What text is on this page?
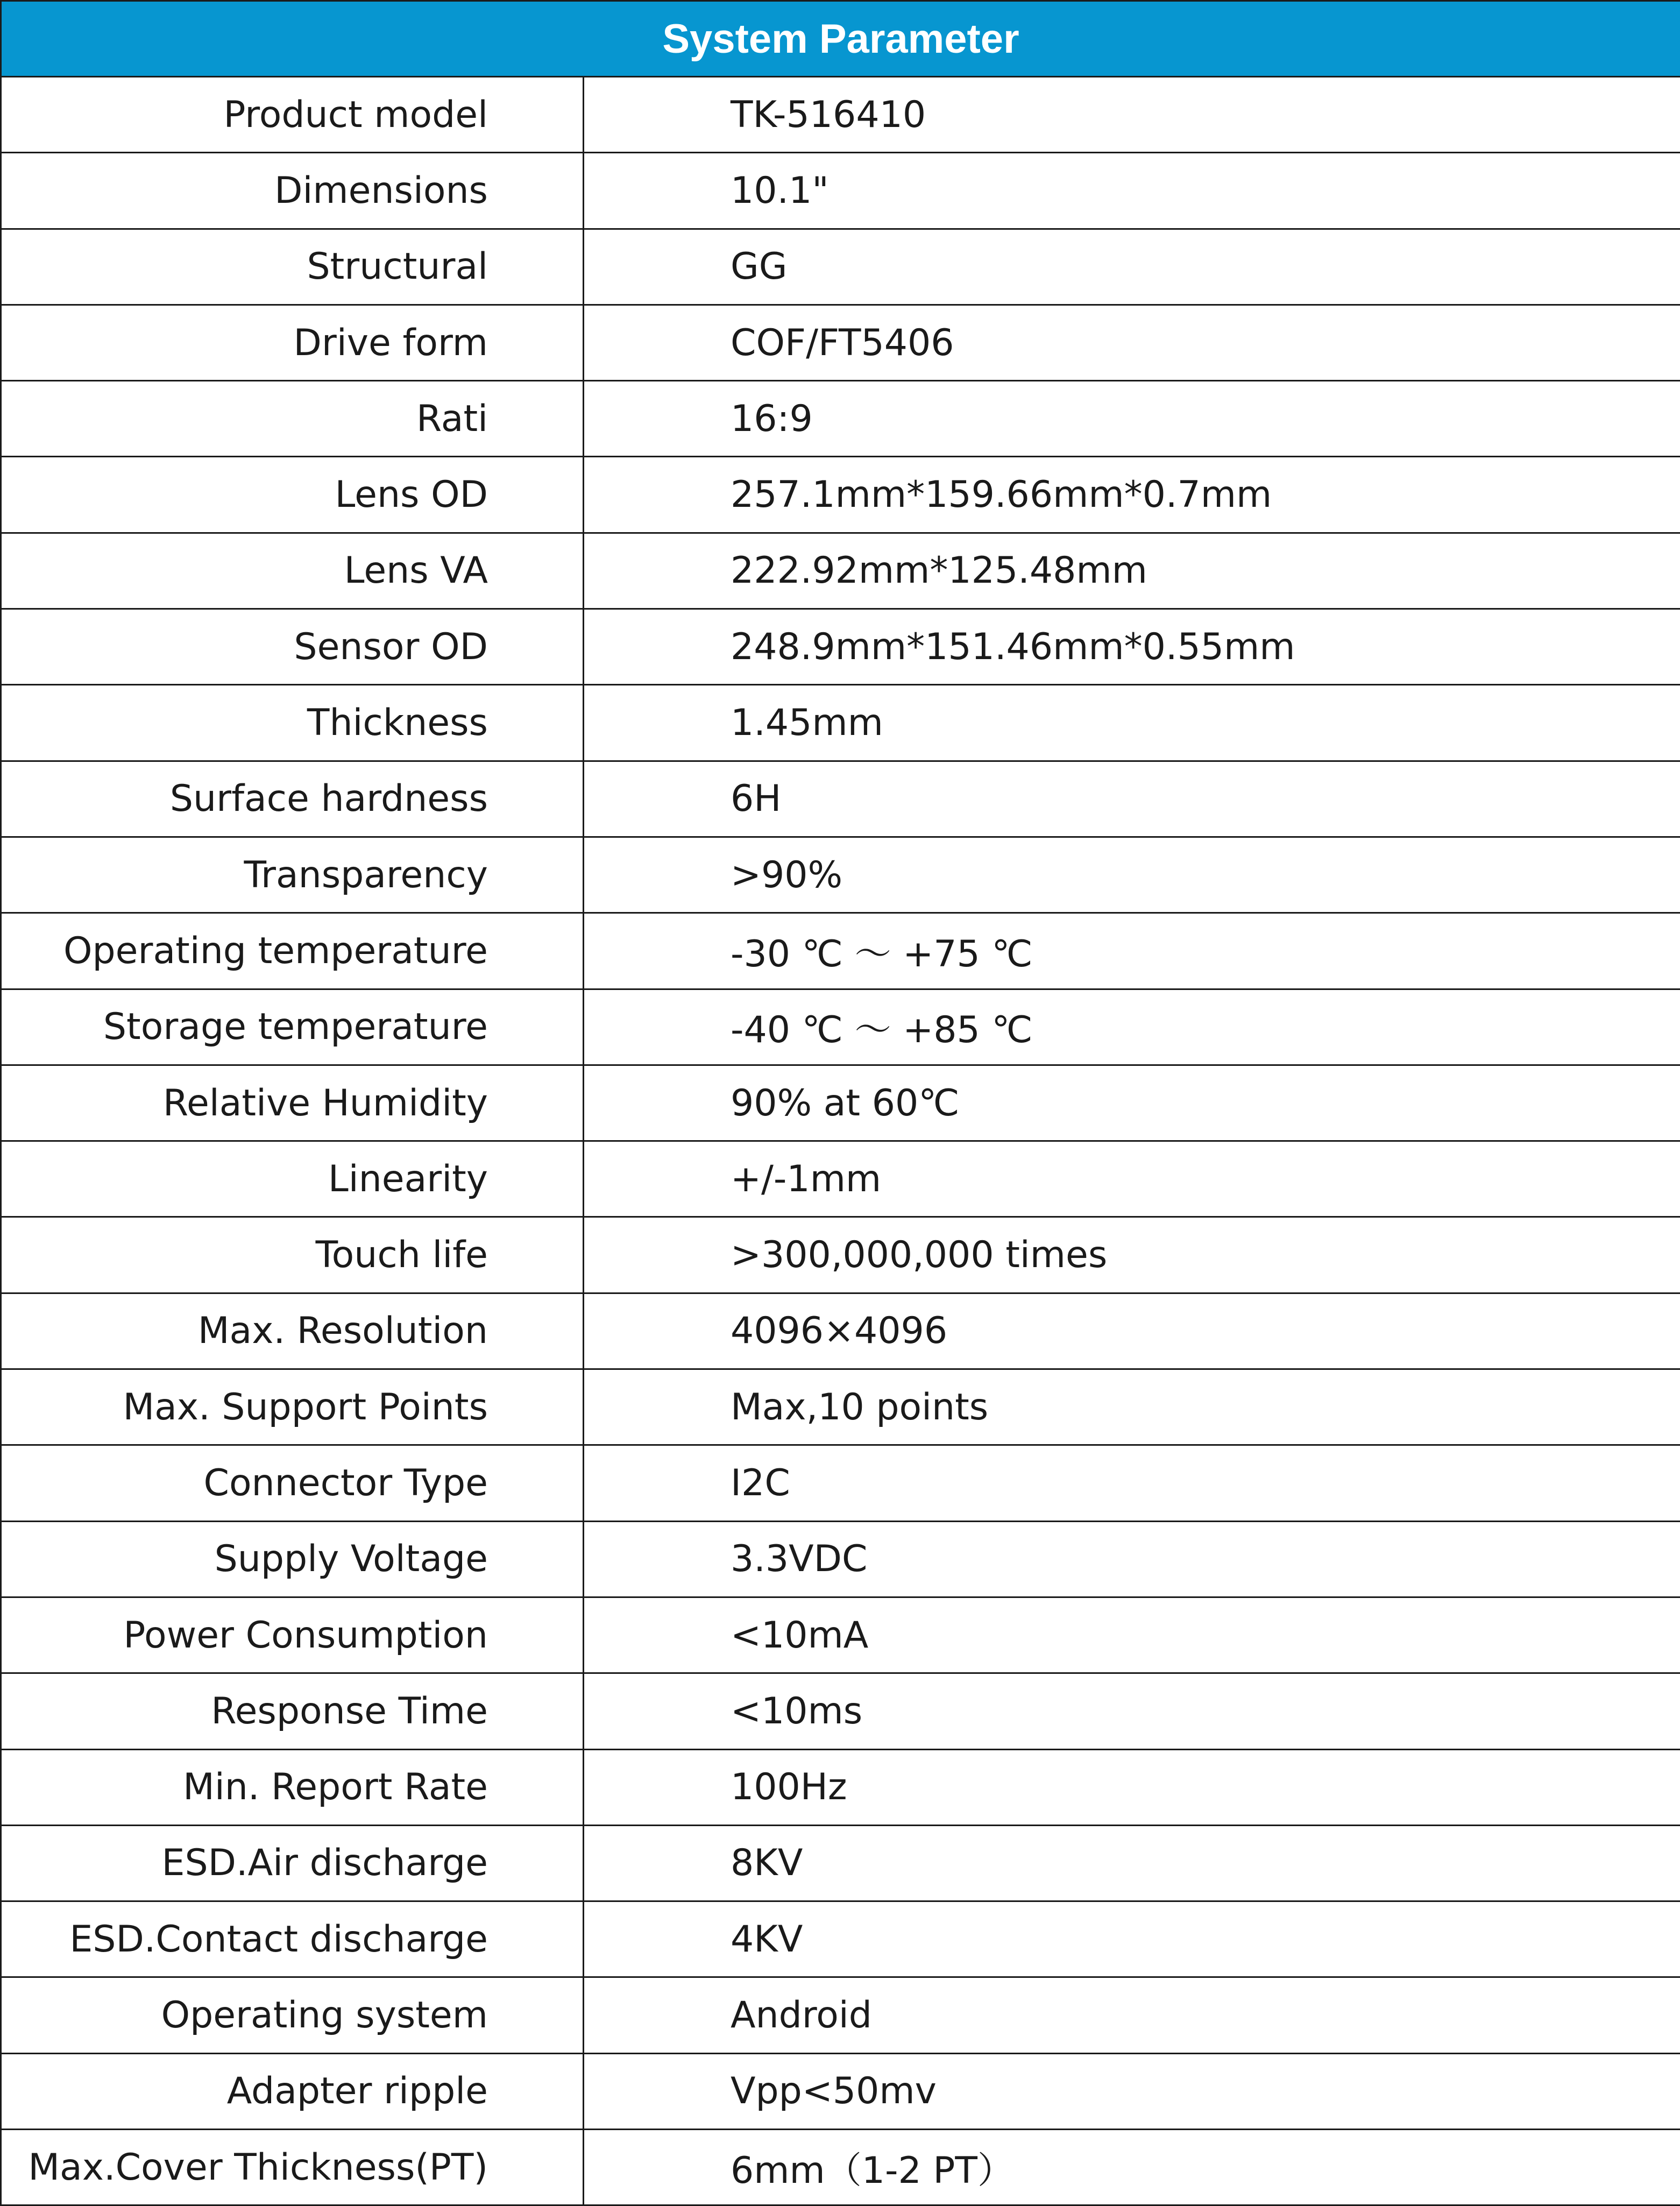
System Parameter	
Product model	TK-516410
Dimensions	10.1"
Structural	GG
Drive form	COF/FT5406
Rati	16:9
Lens OD	257.1mm*159.66mm*0.7mm
Lens VA	222.92mm*125.48mm
Sensor OD	248.9mm*151.46mm*0.55mm
Thickness	1.45mm
Surface hardness	6H
Transparency	>90%
Operating temperature	-30 ℃ ～ +75 ℃
Storage temperature	-40 ℃ ～ +85 ℃
Relative Humidity	90% at 60℃
Linearity	+/-1mm
Touch life	>300,000,000 times
Max. Resolution	4096×4096
Max. Support Points	Max,10 points
Connector Type	I2C
Supply Voltage	3.3VDC
Power Consumption	<10mA
Response Time	<10ms
Min. Report Rate	100Hz
ESD.Air discharge	8KV
ESD.Contact discharge	4KV
Operating system	Android
Adapter ripple	Vpp<50mv
Max.Cover Thickness(PT)	6mm（1-2 PT）
